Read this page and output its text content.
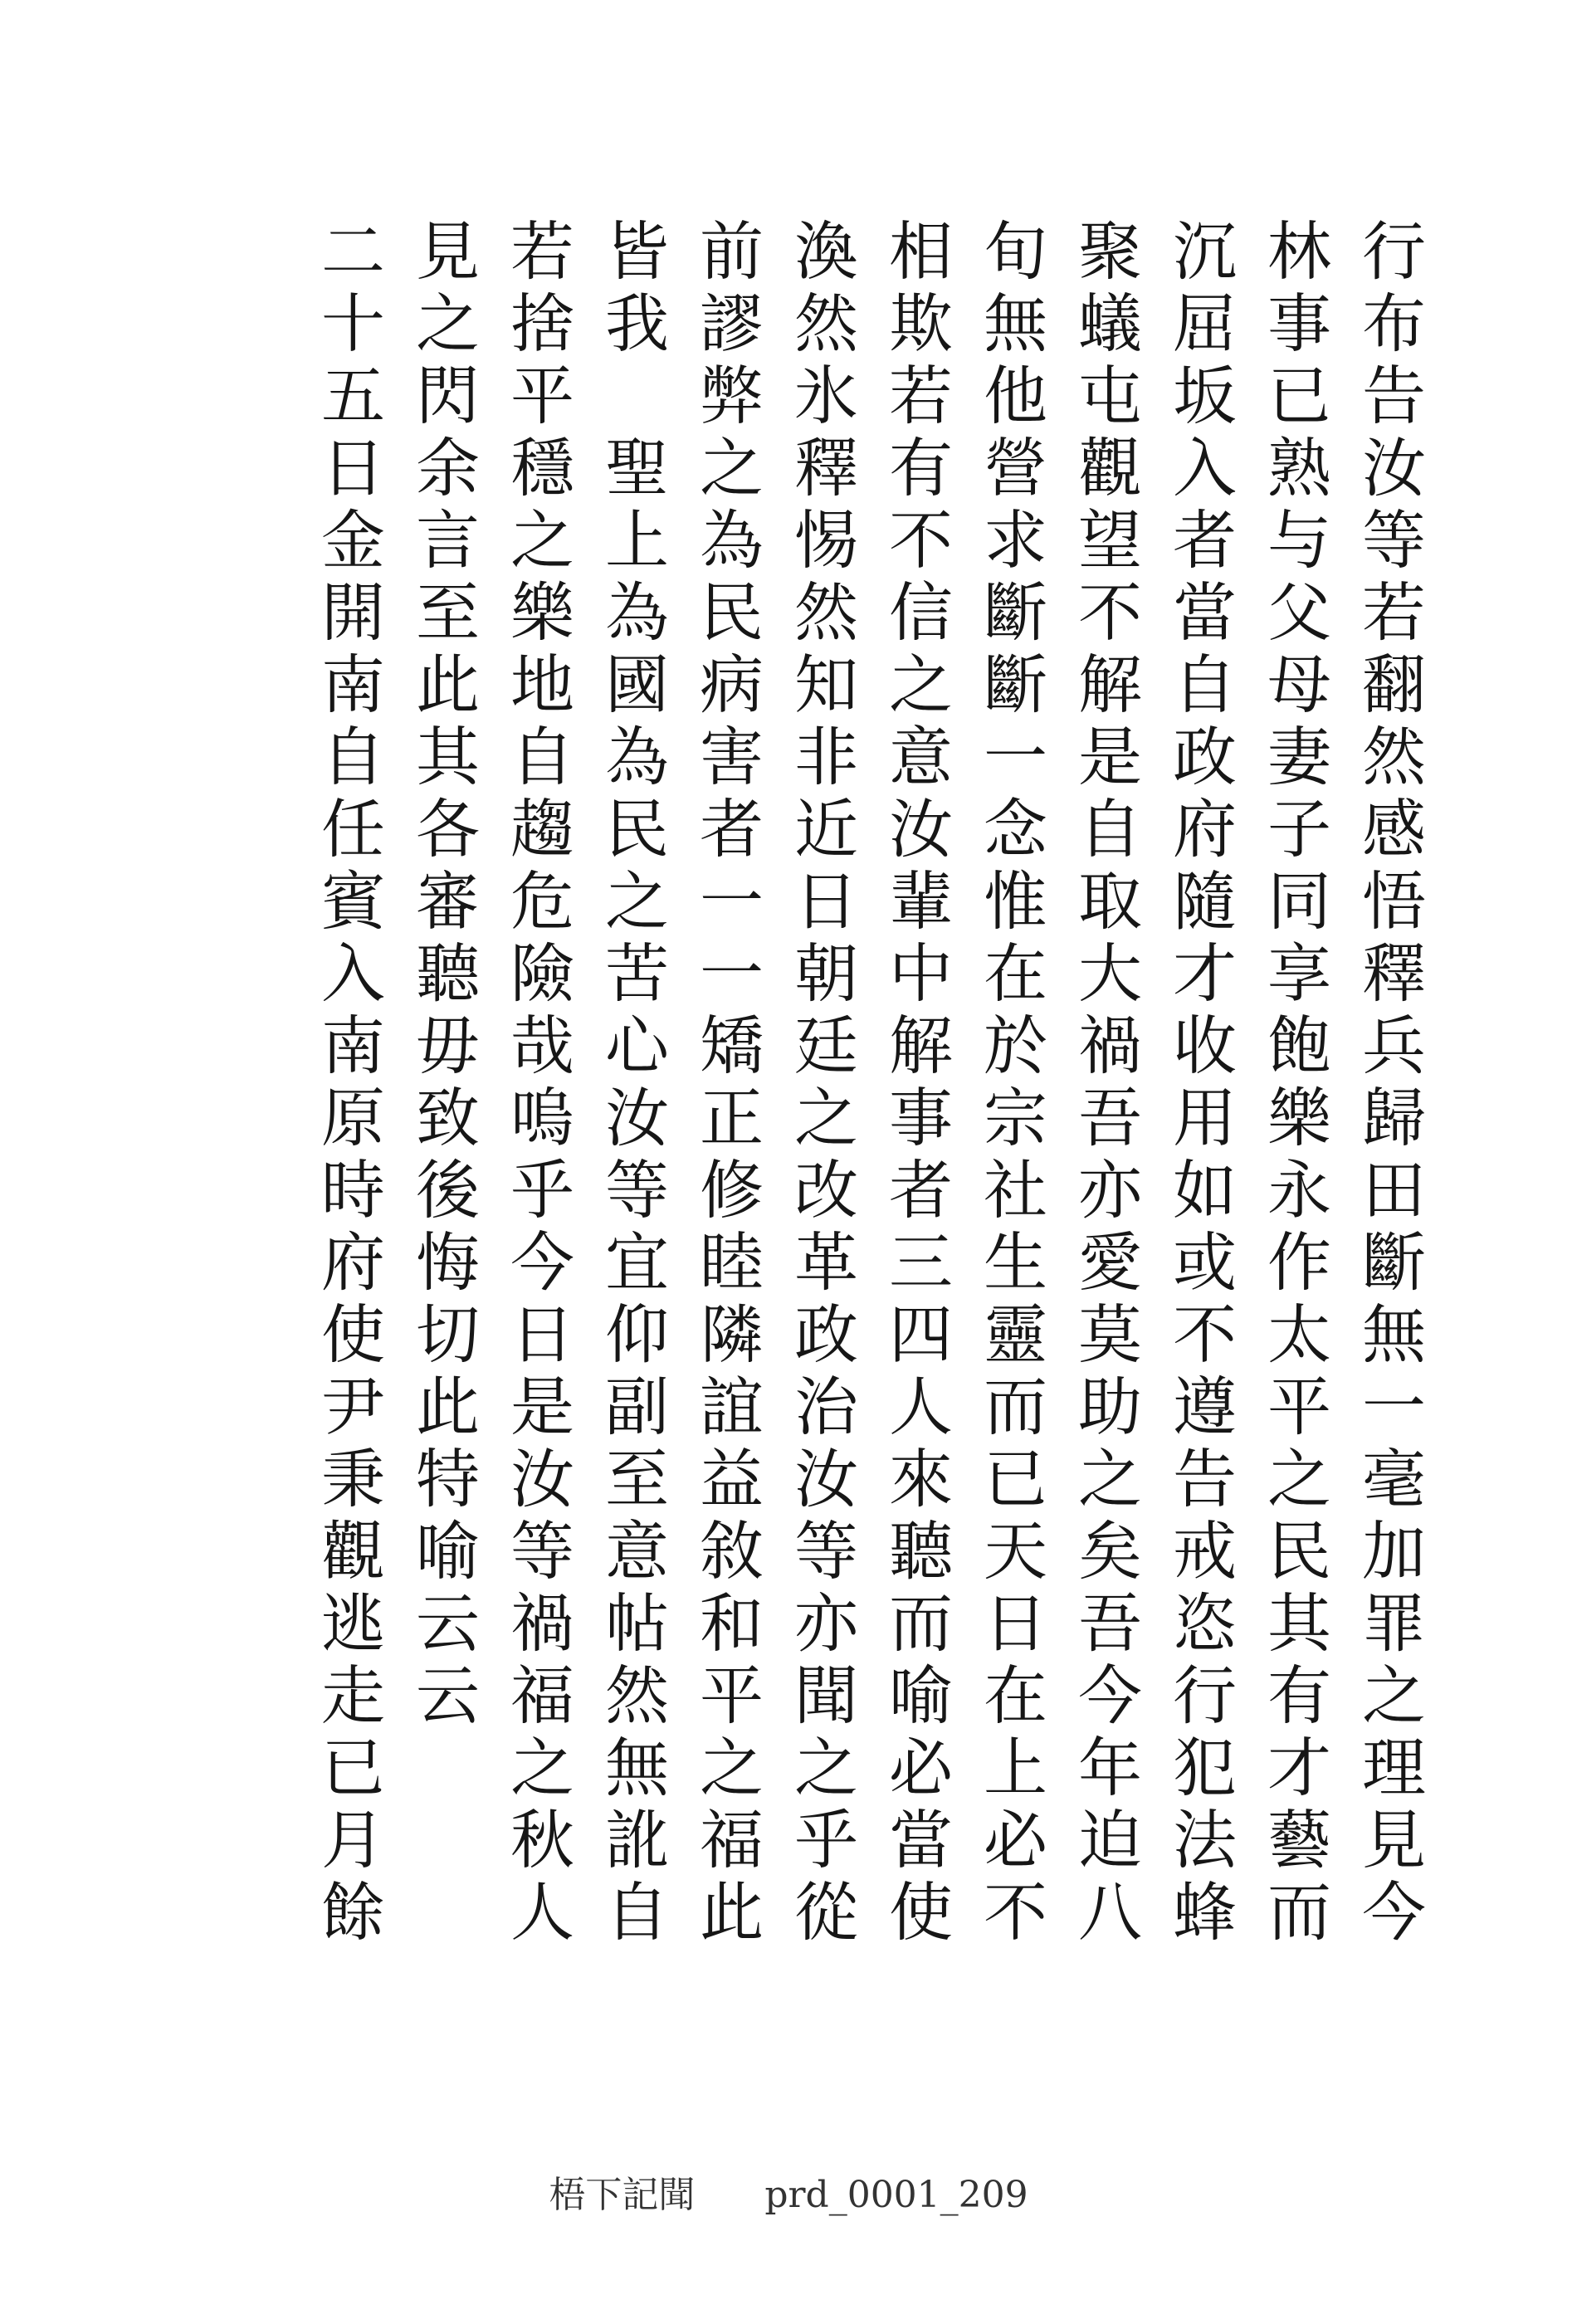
行布告汝等若翻然感悟釋兵歸田斷無一毫加罪之理見今
林事已熟与父母妻子同享飽樂永作太平之民其有才藝而
沉屈坂入者當自政府隨才收用如或不遵告戒恣行犯法蜂
聚蟻屯觀望不解是自取大禍吾亦愛莫助之矣吾今年迫八
旬無他營求斷斷一念惟在於宗社生靈而已天日在上必不
相欺若有不信之意汝輩中解事者三四人來聽而喻必當使
渙然氷釋惕然知非近日朝廷之改革政治汝等亦聞之乎從
前謬弊之為民病害者一一矯正修睦隣誼益敘和平之福此
皆我　聖上為國為民之苦心汝等宜仰副至意帖然無訛自
若捨平穩之樂地自趨危險哉嗚乎今日是汝等禍福之秋人
見之閃余言至此其各審聽毋致後悔切此特喻云云
二十五日金開南自任賓入南原時府使尹秉觀逃走已月餘
梧下記聞 prd_0001_209
